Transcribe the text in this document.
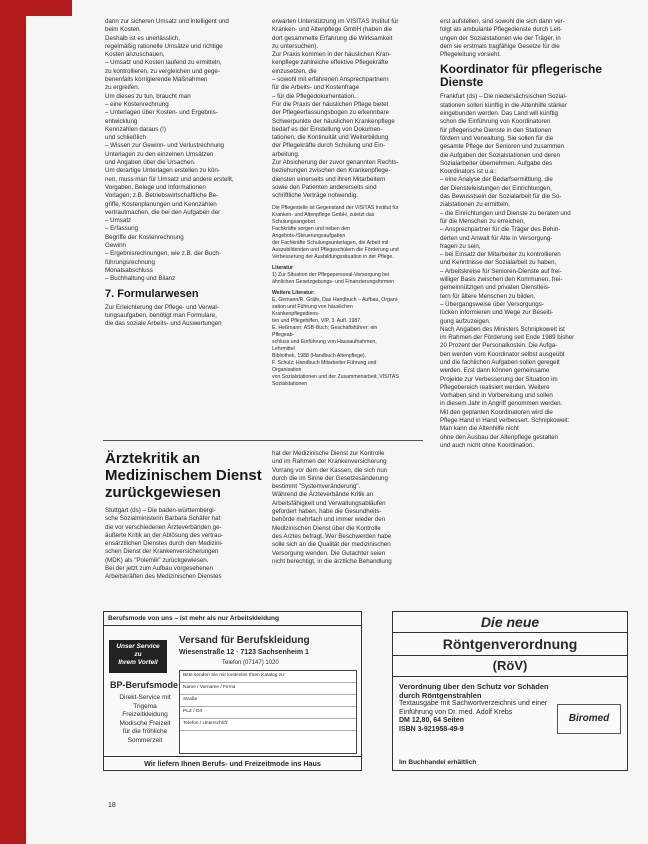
dann zur sicheren Umsatz und intelligent und
beim Kosten.
Deshalb ist es unerlässlich,
regelmäßig rationelle Umsätze und richtige
Kosten anzuschauen,
– Umsatz und Kosten laufend zu ermitteln,
zu kontrollieren, zu vergleichen und gege-
benenfalls korrigierende Maßnahmen
zu ergreifen.
Um dieses zu tun, braucht man
– eine Kostenrechnung
– Unterlagen über Kosten- und Ergebnis-
entwicklung
Kennzahlen daraus (!)
und schließlich
– Wissen zur Gewinn- und Verlustrechnung
Unterlagen zu den einzelnen Umsätzen
und Angaben über die Ursachen.
Um derartige Unterlagen erstellen zu kön-
nen, muss man für Umsatz und andere erstellt,
Vorgaben, Belege und Informationen
Vorlagen; z.B. Betriebswirtschaftliche Be-
griffe, Kostenplanungen und Kennzahlen
vertrautmachen, die bei den Aufgaben der
– Umsatz
– Erfassung
Begriffe der Kostenrechnung
Gewinn
– Ergebnisrechnungen, wie z.B. der Buch-
führungsrechnung
Monatsabschluss
– Buchhaltung und Bilanz
7. Formularwesen
Zur Erleichterung der Pflege- und Verwal-
tungsaufgaben, benötigt man Formulare,
die das soziale Arbeits- und Auswertungen
erwarten Unterstützung im VISITAS Institut für
Kranken- und Altenpflege GmbH (haben die
dort gesammelte Erfahrung die Wirksamkeit
zu untersuchen).
Zur Praxis kommen in der häuslichen Kran-
kenpflege zahlreiche effektive Pflegekräfte
einzusetzen, die
– sowohl mit erfahrenen Ansprechpartnern
für die Arbeits- und Kostenfrage
– für die Pflegedokumentation.
Für die Praxis der häuslichen Pflege bietet
der Pflegeerfassungsbogen zu erkennbare
Schwerpunkte der häuslichen Krankenpflege
bedarf es der Einstellung von Dokumen-
tationen, die Kontinuität und Weiterbildung
der Pflegekräfte durch Schulung und Ein-
arbeitung.
Zur Absicherung der zuvor genannten Rechts-
beziehungen zwischen den Krankenpflege-
diensten einerseits und ihren Mitarbeitern
sowie den Patienten andererseits sind
schriftliche Verträge notwendig.
Die Pflegestelle ist Gegenstand der VISITAS Institut für
Kranken- und Altenpflege GmbH, zuletzt das Schulungsangebot
Fachkräfte sorgen und neben den Angebots-/Steuerungsaufgaben
der Fachkräfte Schulungsunterlagen, die Arbeit mit
Auszubildenden und Pflegeschülern die Förderung und
Verbesserung der Ausbildungssituation in der Pflege.
Literatur
1) Zur Situation der Pflegepersonal-Versorgung bei
ähnlichen Gesetzgebungs- und Finanzierungsformen
Weitere Literatur:
E. Girmann/R. Gräfe, Das Handbuch – Aufbau, Organi-
sation und Führung von häuslichen Krankenpflegediens-
ten und Pflegehilfen, VIP, 3. Aufl. 1987.
E. Heßmann: ASB-Buch; Geschäftsführer: ein Pflegeab-
schluss und Einführung von Hausaufnahmen, Lehrmittel
Bibliothek, 1988 (Handbuch Altenpflege).
F. Schulz; Handbuch Mitarbeiter Führung und Organisation
von Sozialstationen und der Zusammenarbeit, VISITAS
Sozialstationen
erst aufstellen, sind sowohl die sich dann ver-
folgt als ambulante Pflegedienste durch Leit-
ungen der Sozialstationen wie der Träger, in
dem sie erstmals tragfähige Gesetze für die
Pflegeleitung vorsieht.
Koordinator für pflegerische Dienste
Frankfurt (ds) – Die niedersächsischen Sozial-
stationen sollen künftig in die Altenhilfe stärker
eingebunden werden. Das Land will künftig
schon die Einführung von Koordinatoren
für pflegerische Dienste in den Stationen
fördern und Verwaltung. Sie sollen für die
gesamte Pflege der Senioren und zusammen
die Aufgaben der Sozialstationen und deren
Sozialarbeiter übernehmen. Aufgabe des
Koordinators ist u.a.:
– eine Analyse der Bedarfsermittlung, die
der Diensteleistungen der Einrichtungen,
das Bewusstsein der Sozialarbeit für die So-
zialstationen zu ermitteln,
– die Einrichtungen und Dienste zu beraten und
für die Menschen zu erreichen,
– Ansprechpartner für die Träger des Behin-
derten und Anwalt für Alte in Versorgung-
fragen zu sein,
– bei Einsatz der Mitarbeiter zu kontrollieren
und Kenntnisse der Sozialarbeit zu haben,
– Arbeitskreise für Senioren-Dienste auf frei-
williger Basis zwischen den Kommunen, frei-
gemeinnützigen und privaten Dienstleis-
tern für ältere Menschen zu bilden,
– Übergangsweise über Versorgungs-
lücken informieren und Wege zur Beseiti-
gung aufzuzeigen.
Nach Angaben des Ministers Schnipkoweit ist
im Rahmen der Förderung seit Ende 1989 bisher
20 Prozent der Personalkosten. Die Aufga-
ben werden vom Koordinator selbst ausgeübt
und die fachlichen Aufgaben sollen geregelt
werden. Erst dann können gemeinsame
Projekte zur Verbesserung der Situation im
Pflegebereich realisiert werden. Weitere
Vorhaben sind in Vorbereitung und sollen
in diesem Jahr in Angriff genommen werden.
Mit den geplanten Koordinatoren wird die
Pflege Hand in Hand verbessert. Schnipkoweit:
Man kann die Altenhilfe nicht
ohne den Ausbau der Altenpflege gestalten
und auch nicht ohne Koordination.
Ärztekritik an Medizinischem Dienst zurückgewiesen
Stuttgart (ds) – Die baden-württembergi-
sche Sozialministerin Barbara Schäfer hat
die vor verschiedenen Ärzteverbänden ge-
äußerte Kritik an der Ablösung des vertrau-
ensärztlichen Dienstes durch den Medizini-
schen Dienst der Krankenversicherungen
(MDK) als "Polemik" zurückgewiesen.
Bei der jetzt zum Aufbau vorgesehenen
Arbeitskräften des Medizinischen Dienstes
hat der Medizinische Dienst zur Kontrolle
und im Rahmen der Krankenversicherung
Vorrang vor dem der Kassen, die sich nun
durch die im Sinne der Gesetzesänderung
bestimmt "Systemveränderung".
Während die Ärzteverbände Kritik an
Arbeitsfähigkeit und Verwaltungsabläufen
gefordert haben, habe die Gesundheits-
behörde mehrfach und immer wieder den
Medizinischen Dienst über die Kontrolle
des Arztes befragt. Wer Beschwerden habe
solle sich an die Qualität der medizinischen
Versorgung wenden. Die Gutachter seien
nicht berechtigt, in die ärztliche Behandlung
Berufsmode von uns – ist mehr als nur Arbeitskleidung
Unser Service
zu
Ihrem Vorteil
Versand für Berufskleidung
Wiesenstraße 12 · 7123 Sachsenheim 1
Telefon (07147) 1020
BP-Berufsmode
Direkt-Service mit
Trigema
Freizeitkleidung
Modische Freizeit
für die fröhliche
Sommerzeit
Bitte senden Sie mir kostenlos Ihren Katalog zu:
Name / Vorname / Firma
Straße
PLZ / Ort
Telefon / Unterschrift:
Wir liefern Ihnen Berufs- und Freizeitmode ins Haus
Die neue
Röntgenverordnung
(RöV)
Verordnung über den Schutz vor Schäden durch Röntgenstrahlen
Textausgabe mit Sachwortverzeichnis und einer Einführung von Dr. med. Adolf Krebs
DM 12,80, 64 Seiten
ISBN 3-921958-49-9
Biromed
Im Buchhandel erhältlich
18
